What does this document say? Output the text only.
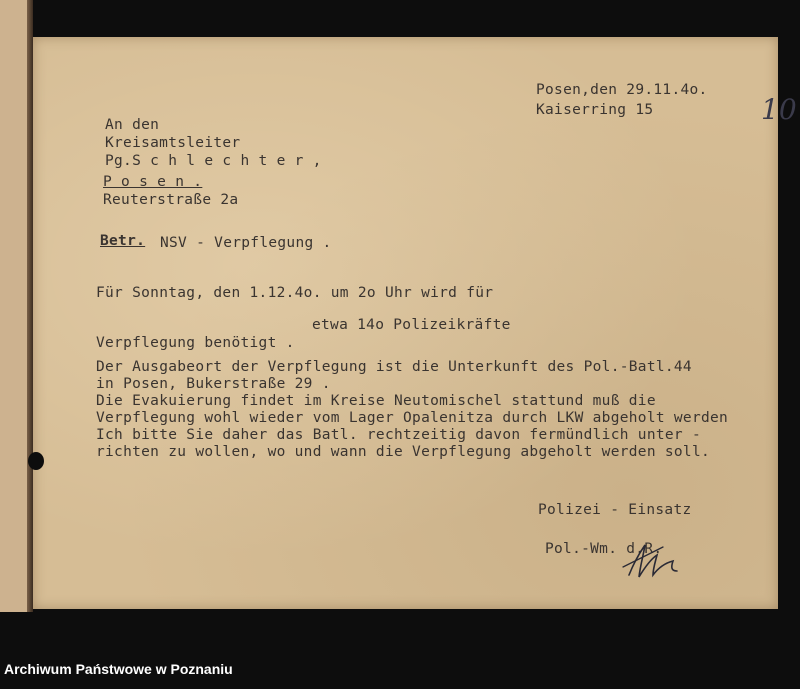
10
Posen,den 29.11.4o.
Kaiserring 15
An den
Kreisamtsleiter
Pg.S c h l e c h t e r ,
P o s e n .
Reuterstraße 2a
Betr. NSV - Verpflegung .
Für Sonntag, den 1.12.4o. um 2o Uhr wird für
etwa 14o Polizeikräfte
Verpflegung benötigt .
Der Ausgabeort der Verpflegung ist die Unterkunft des Pol.-Batl.44
in Posen, Bukerstraße 29 .
Die Evakuierung findet im Kreise Neutomischel stattund muß die
Verpflegung wohl wieder vom Lager Opalenitza durch LKW abgeholt werden
Ich bitte Sie daher das Batl. rechtzeitig davon fermündlich unter -
richten zu wollen, wo und wann die Verpflegung abgeholt werden soll.
Polizei - Einsatz
Pol.-Wm. d.R.
Archiwum Państwowe w Poznaniu
